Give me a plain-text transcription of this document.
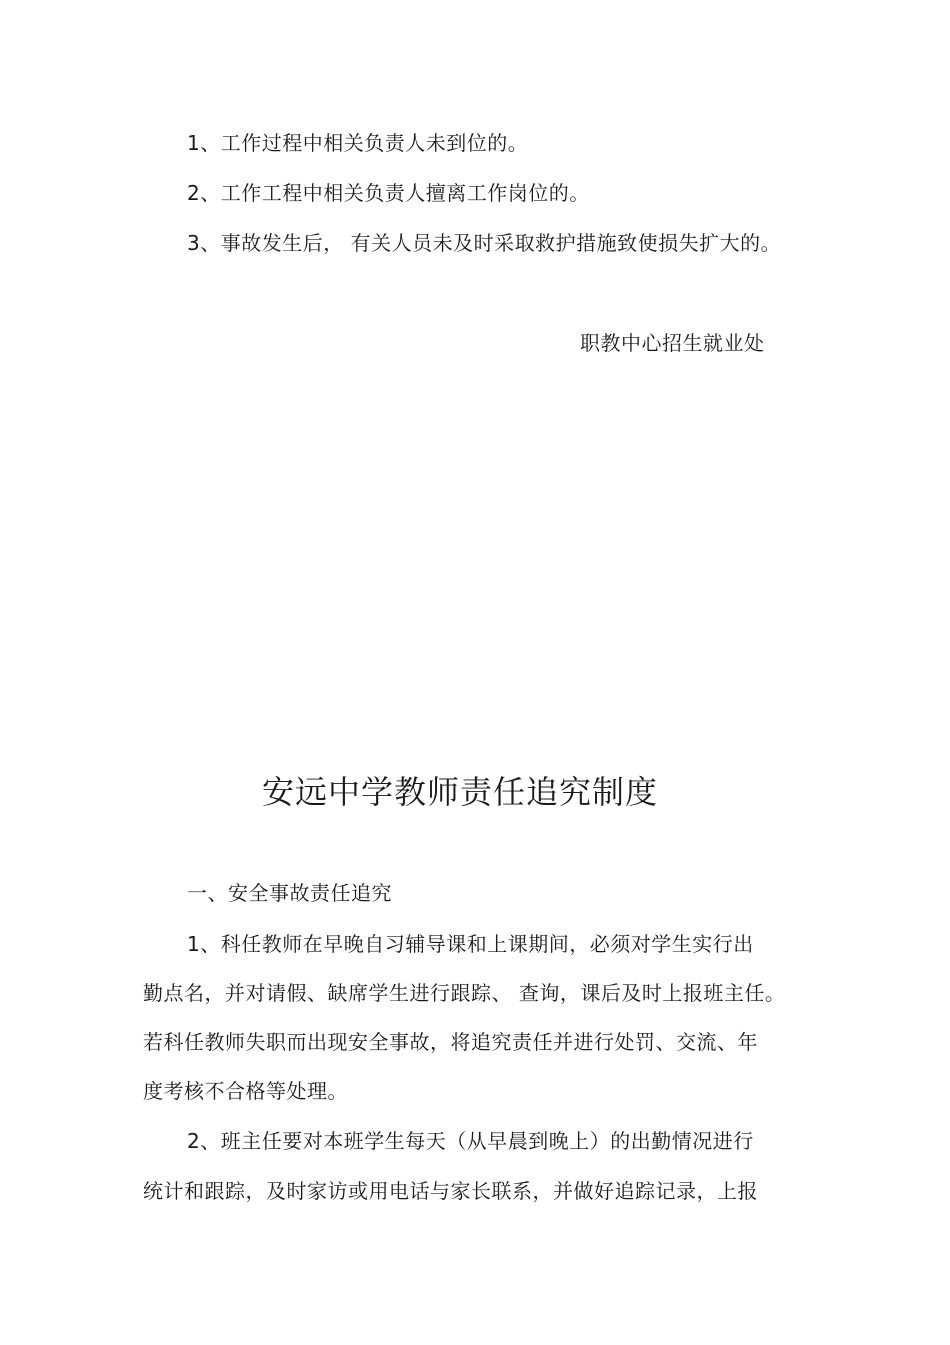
1、工作过程中相关负责人未到位的。
2、工作工程中相关负责人擅离工作岗位的。
3、事故发生后， 有关人员未及时采取救护措施致使损失扩大的。
职教中心招生就业处
安远中学教师责任追究制度
一、安全事故责任追究
1、科任教师在早晚自习辅导课和上课期间，必须对学生实行出
勤点名，并对请假、缺席学生进行跟踪、 查询，课后及时上报班主任。
若科任教师失职而出现安全事故，将追究责任并进行处罚、交流、年
度考核不合格等处理。
2、班主任要对本班学生每天（从早晨到晚上）的出勤情况进行
统计和跟踪，及时家访或用电话与家长联系，并做好追踪记录，上报
